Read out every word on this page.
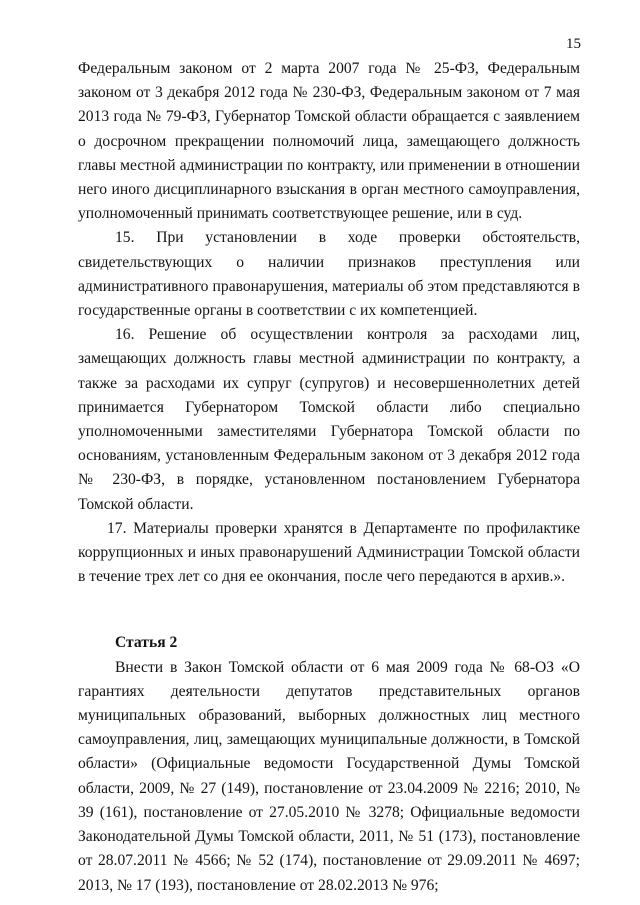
15

Федеральным законом от 2 марта 2007 года № 25-ФЗ, Федеральным законом от 3 декабря 2012 года № 230-ФЗ, Федеральным законом от 7 мая 2013 года № 79-ФЗ, Губернатор Томской области обращается с заявлением о досрочном прекращении полномочий лица, замещающего должность главы местной администрации по контракту, или применении в отношении него иного дисциплинарного взыскания в орган местного самоуправления, уполномоченный принимать соответствующее решение, или в суд.

15. При установлении в ходе проверки обстоятельств, свидетельствующих о наличии признаков преступления или административного правонарушения, материалы об этом представляются в государственные органы в соответствии с их компетенцией.

16. Решение об осуществлении контроля за расходами лиц, замещающих должность главы местной администрации по контракту, а также за расходами их супруг (супругов) и несовершеннолетних детей принимается Губернатором Томской области либо специально уполномоченными заместителями Губернатора Томской области по основаниям, установленным Федеральным законом от 3 декабря 2012 года № 230-ФЗ, в порядке, установленном постановлением Губернатора Томской области.

17. Материалы проверки хранятся в Департаменте по профилактике коррупционных и иных правонарушений Администрации Томской области в течение трех лет со дня ее окончания, после чего передаются в архив.».

Статья 2

Внести в Закон Томской области от 6 мая 2009 года № 68-ОЗ «О гарантиях деятельности депутатов представительных органов муниципальных образований, выборных должностных лиц местного самоуправления, лиц, замещающих муниципальные должности, в Томской области» (Официальные ведомости Государственной Думы Томской области, 2009, № 27 (149), постановление от 23.04.2009 № 2216; 2010, № 39 (161), постановление от 27.05.2010 № 3278; Официальные ведомости Законодательной Думы Томской области, 2011, № 51 (173), постановление от 28.07.2011 № 4566; № 52 (174), постановление от 29.09.2011 № 4697; 2013, № 17 (193), постановление от 28.02.2013 № 976;
